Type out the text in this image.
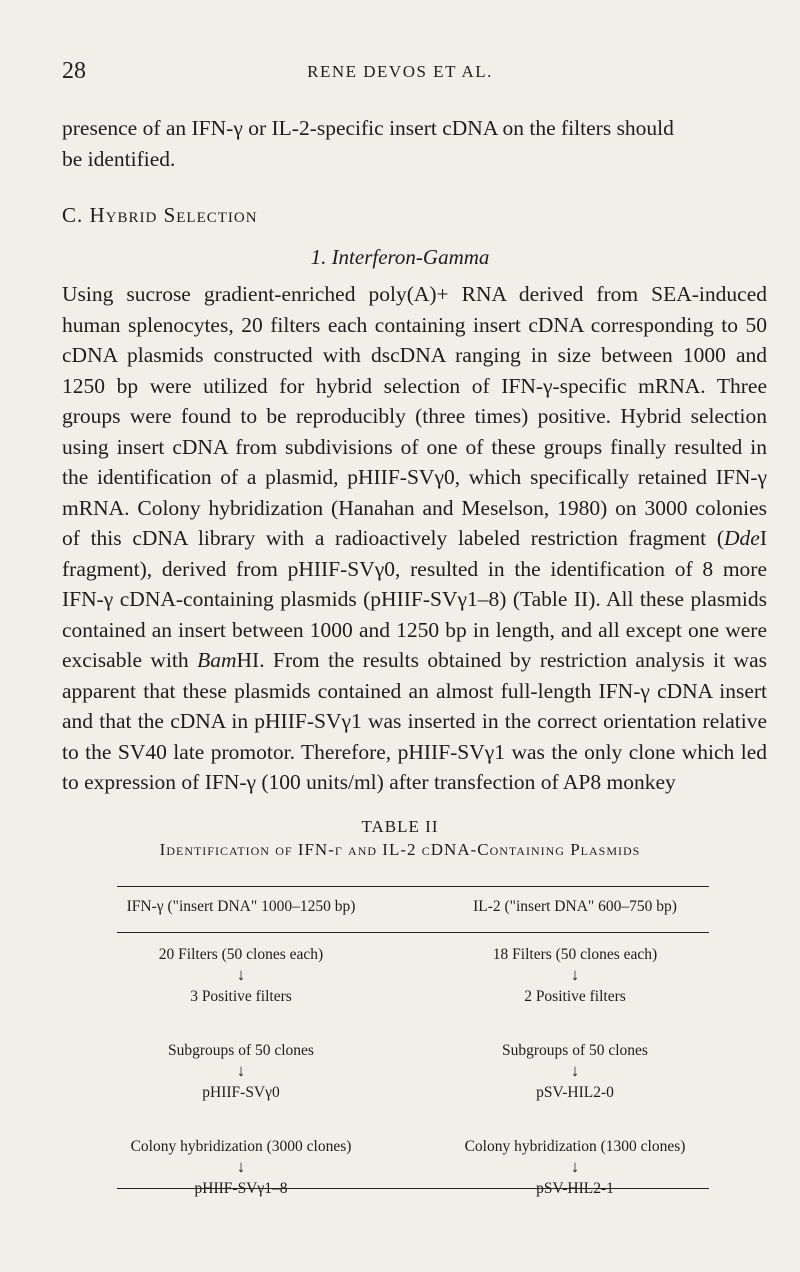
28	RENE DEVOS ET AL.
presence of an IFN-γ or IL-2-specific insert cDNA on the filters should
be identified.
C. Hybrid Selection
1. Interferon-Gamma

Using sucrose gradient-enriched poly(A)+ RNA derived from SEA-induced human splenocytes, 20 filters each containing insert cDNA corresponding to 50 cDNA plasmids constructed with dscDNA ranging in size between 1000 and 1250 bp were utilized for hybrid selection of IFN-γ-specific mRNA. Three groups were found to be reproducibly (three times) positive. Hybrid selection using insert cDNA from subdivisions of one of these groups finally resulted in the identification of a plasmid, pHIIF-SVγ0, which specifically retained IFN-γ mRNA. Colony hybridization (Hanahan and Meselson, 1980) on 3000 colonies of this cDNA library with a radioactively labeled restriction fragment (DdeI fragment), derived from pHIIF-SVγ0, resulted in the identification of 8 more IFN-γ cDNA-containing plasmids (pHIIF-SVγ1–8) (Table II). All these plasmids contained an insert between 1000 and 1250 bp in length, and all except one were excisable with BamHI. From the results obtained by restriction analysis it was apparent that these plasmids contained an almost full-length IFN-γ cDNA insert and that the cDNA in pHIIF-SVγ1 was inserted in the correct orientation relative to the SV40 late promotor. Therefore, pHIIF-SVγ1 was the only clone which led to expression of IFN-γ (100 units/ml) after transfection of AP8 monkey

TABLE II
Identification of IFN-γ and IL-2 cDNA-Containing Plasmids
IFN-γ ("insert DNA" 1000–1250 bp)
20 Filters (50 clones each)
↓
3 Positive filters
Subgroups of 50 clones
↓
pHIIF-SVγ0
Colony hybridization (3000 clones)
↓
pHIIF-SVγ1–8
IL-2 ("insert DNA" 600–750 bp)
18 Filters (50 clones each)
↓
2 Positive filters
Subgroups of 50 clones
↓
pSV-HIL2-0
Colony hybridization (1300 clones)
↓
pSV-HIL2-1
